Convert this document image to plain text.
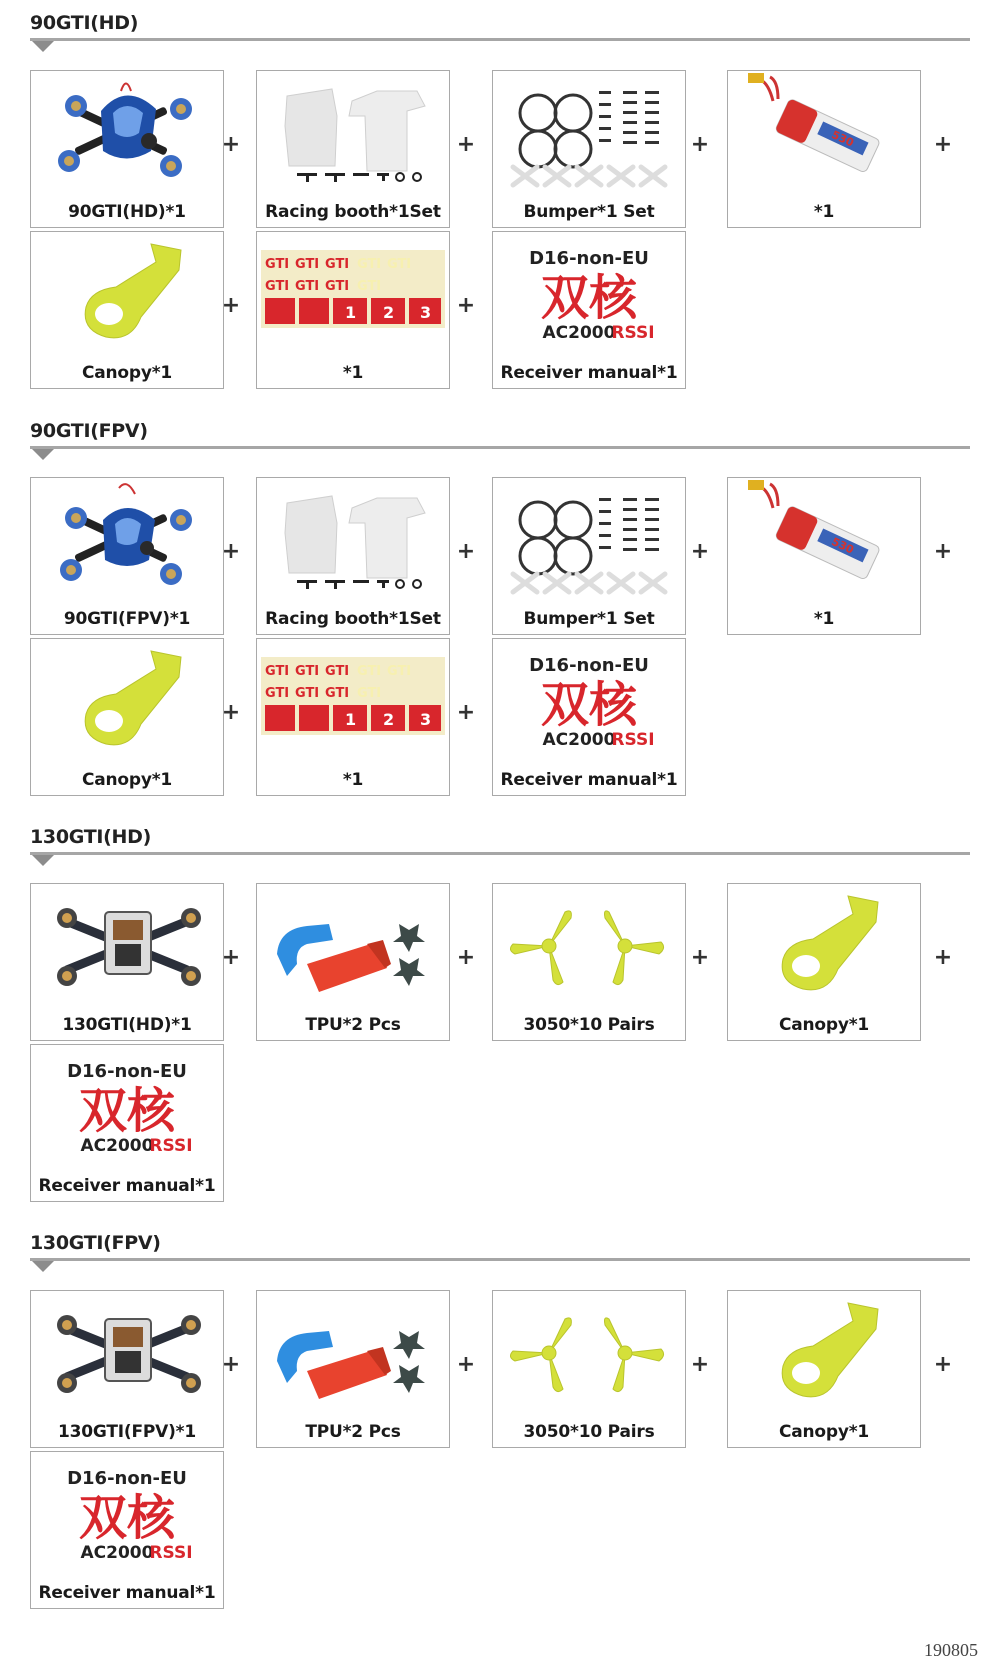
90GTI(HD)
90GTI(HD)*1
+
Racing booth*1Set
+
Bumper*1 Set
+	530
*1
+
Canopy*1
+
GTI GTI GTI
GTI GTI GTI
GTI GTI
GTI
1 2 3
*1
+
D16-non-EU
双核
AC2000
RSSI
Receiver manual*1
90GTI(FPV)
90GTI(FPV)*1
+
Racing booth*1Set
+
Bumper*1 Set
+	530
*1
+
Canopy*1
+
GTI GTI GTI
GTI GTI GTI
GTI GTI
GTI
1 2 3
*1
+
D16-non-EU
双核
AC2000
RSSI
Receiver manual*1
130GTI(HD)
130GTI(HD)*1
+
TPU*2 Pcs
+
3050*10 Pairs
+
Canopy*1
+
D16-non-EU
双核
AC2000
RSSI
Receiver manual*1
130GTI(FPV)
130GTI(FPV)*1
+
TPU*2 Pcs
+
3050*10 Pairs
+
Canopy*1
+
D16-non-EU
双核
AC2000
RSSI
Receiver manual*1
190805
